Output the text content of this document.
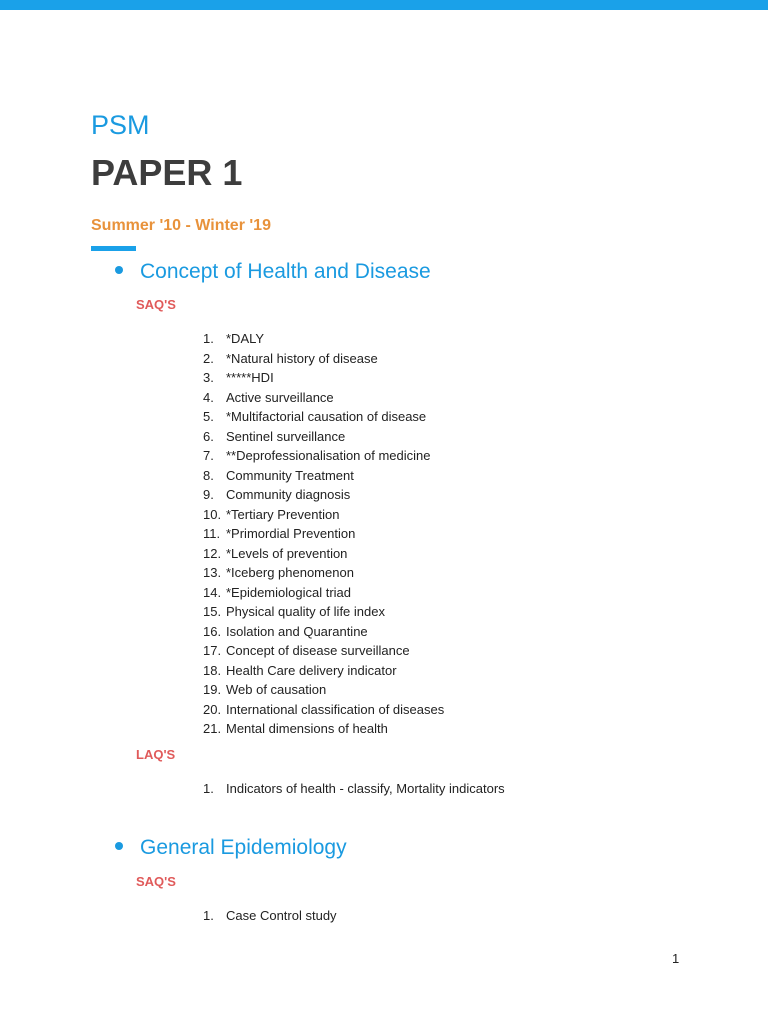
PSM
PAPER 1
Summer '10 - Winter '19
Concept of Health and Disease
SAQ'S
1. *DALY
2. *Natural history of disease
3. *****HDI
4. Active surveillance
5. *Multifactorial causation of disease
6. Sentinel surveillance
7. **Deprofessionalisation of medicine
8. Community Treatment
9. Community diagnosis
10. *Tertiary Prevention
11. *Primordial Prevention
12. *Levels of prevention
13. *Iceberg phenomenon
14. *Epidemiological triad
15. Physical quality of life index
16. Isolation and Quarantine
17. Concept of disease surveillance
18. Health Care delivery indicator
19. Web of causation
20. International classification of diseases
21. Mental dimensions of health
LAQ'S
1. Indicators of health - classify, Mortality indicators
General Epidemiology
SAQ'S
1. Case Control study
1
